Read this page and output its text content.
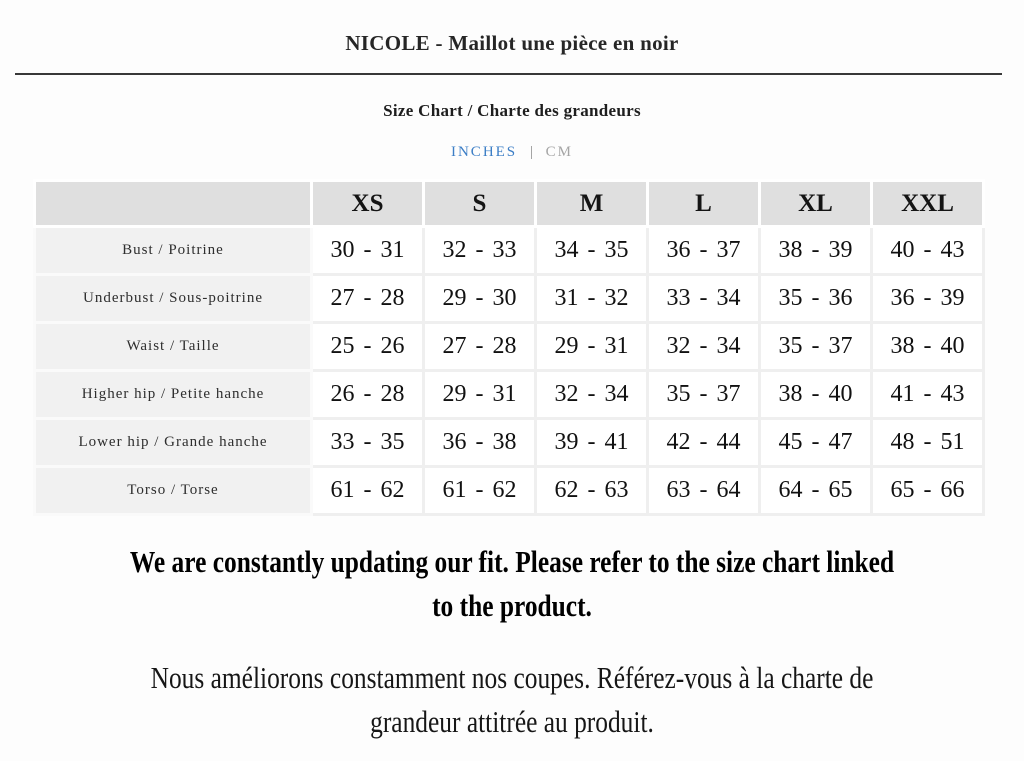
NICOLE - Maillot une pièce en noir
Size Chart / Charte des grandeurs
INCHES | CM
	XS	S	M	L	XL	XXL
Bust / Poitrine	30 - 31	32 - 33	34 - 35	36 - 37	38 - 39	40 - 43
Underbust / Sous-poitrine	27 - 28	29 - 30	31 - 32	33 - 34	35 - 36	36 - 39
Waist / Taille	25 - 26	27 - 28	29 - 31	32 - 34	35 - 37	38 - 40
Higher hip / Petite hanche	26 - 28	29 - 31	32 - 34	35 - 37	38 - 40	41 - 43
Lower hip / Grande hanche	33 - 35	36 - 38	39 - 41	42 - 44	45 - 47	48 - 51
Torso / Torse	61 - 62	61 - 62	62 - 63	63 - 64	64 - 65	65 - 66
We are constantly updating our fit. Please refer to the size chart linked
to the product.
Nous améliorons constamment nos coupes. Référez-vous à la charte de
grandeur attitrée au produit.
